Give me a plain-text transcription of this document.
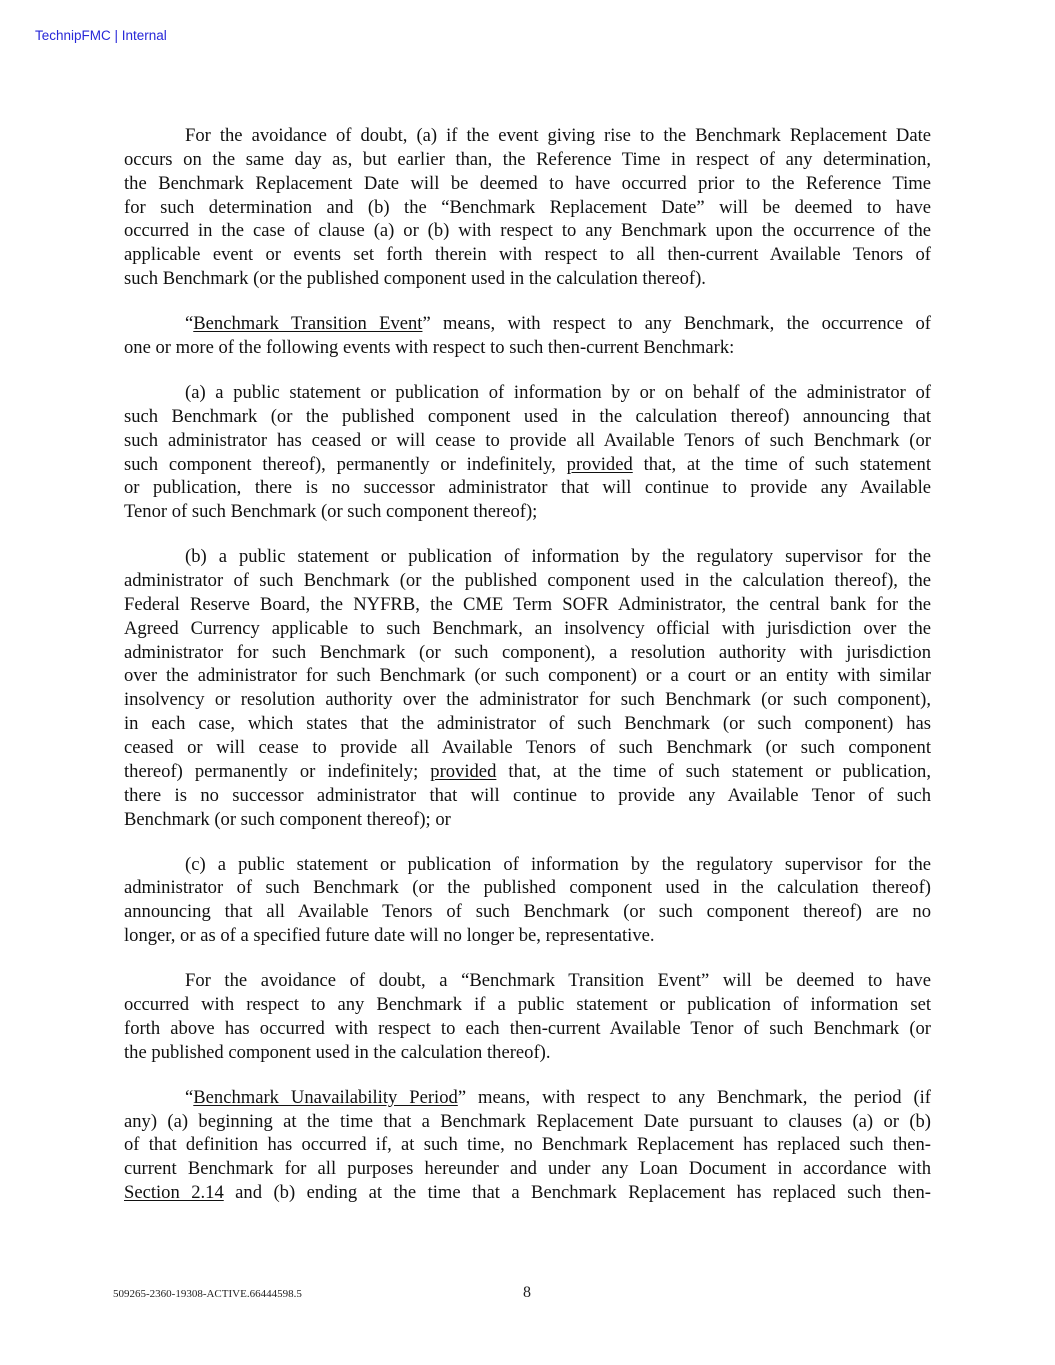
TechnipFMC | Internal
For the avoidance of doubt, (a) if the event giving rise to the Benchmark Replacement Date
occurs on the same day as, but earlier than, the Reference Time in respect of any determination,
the Benchmark Replacement Date will be deemed to have occurred prior to the Reference Time
for such determination and (b) the “Benchmark Replacement Date” will be deemed to have
occurred in the case of clause (a) or (b) with respect to any Benchmark upon the occurrence of the
applicable event or events set forth therein with respect to all then-current Available Tenors of
such Benchmark (or the published component used in the calculation thereof).
“Benchmark Transition Event” means, with respect to any Benchmark, the occurrence of
one or more of the following events with respect to such then-current Benchmark:
(a) a public statement or publication of information by or on behalf of the administrator of
such Benchmark (or the published component used in the calculation thereof) announcing that
such administrator has ceased or will cease to provide all Available Tenors of such Benchmark (or
such component thereof), permanently or indefinitely, provided that, at the time of such statement
or publication, there is no successor administrator that will continue to provide any Available
Tenor of such Benchmark (or such component thereof);
(b) a public statement or publication of information by the regulatory supervisor for the
administrator of such Benchmark (or the published component used in the calculation thereof), the
Federal Reserve Board, the NYFRB, the CME Term SOFR Administrator, the central bank for the
Agreed Currency applicable to such Benchmark, an insolvency official with jurisdiction over the
administrator for such Benchmark (or such component), a resolution authority with jurisdiction
over the administrator for such Benchmark (or such component) or a court or an entity with similar
insolvency or resolution authority over the administrator for such Benchmark (or such component),
in each case, which states that the administrator of such Benchmark (or such component) has
ceased or will cease to provide all Available Tenors of such Benchmark (or such component
thereof) permanently or indefinitely; provided that, at the time of such statement or publication,
there is no successor administrator that will continue to provide any Available Tenor of such
Benchmark (or such component thereof); or
(c) a public statement or publication of information by the regulatory supervisor for the
administrator of such Benchmark (or the published component used in the calculation thereof)
announcing that all Available Tenors of such Benchmark (or such component thereof) are no
longer, or as of a specified future date will no longer be, representative.
For the avoidance of doubt, a “Benchmark Transition Event” will be deemed to have
occurred with respect to any Benchmark if a public statement or publication of information set
forth above has occurred with respect to each then-current Available Tenor of such Benchmark (or
the published component used in the calculation thereof).
“Benchmark Unavailability Period” means, with respect to any Benchmark, the period (if
any) (a) beginning at the time that a Benchmark Replacement Date pursuant to clauses (a) or (b)
of that definition has occurred if, at such time, no Benchmark Replacement has replaced such then-
current Benchmark for all purposes hereunder and under any Loan Document in accordance with
Section 2.14 and (b) ending at the time that a Benchmark Replacement has replaced such then-
509265-2360-19308-ACTIVE.66444598.5	8
